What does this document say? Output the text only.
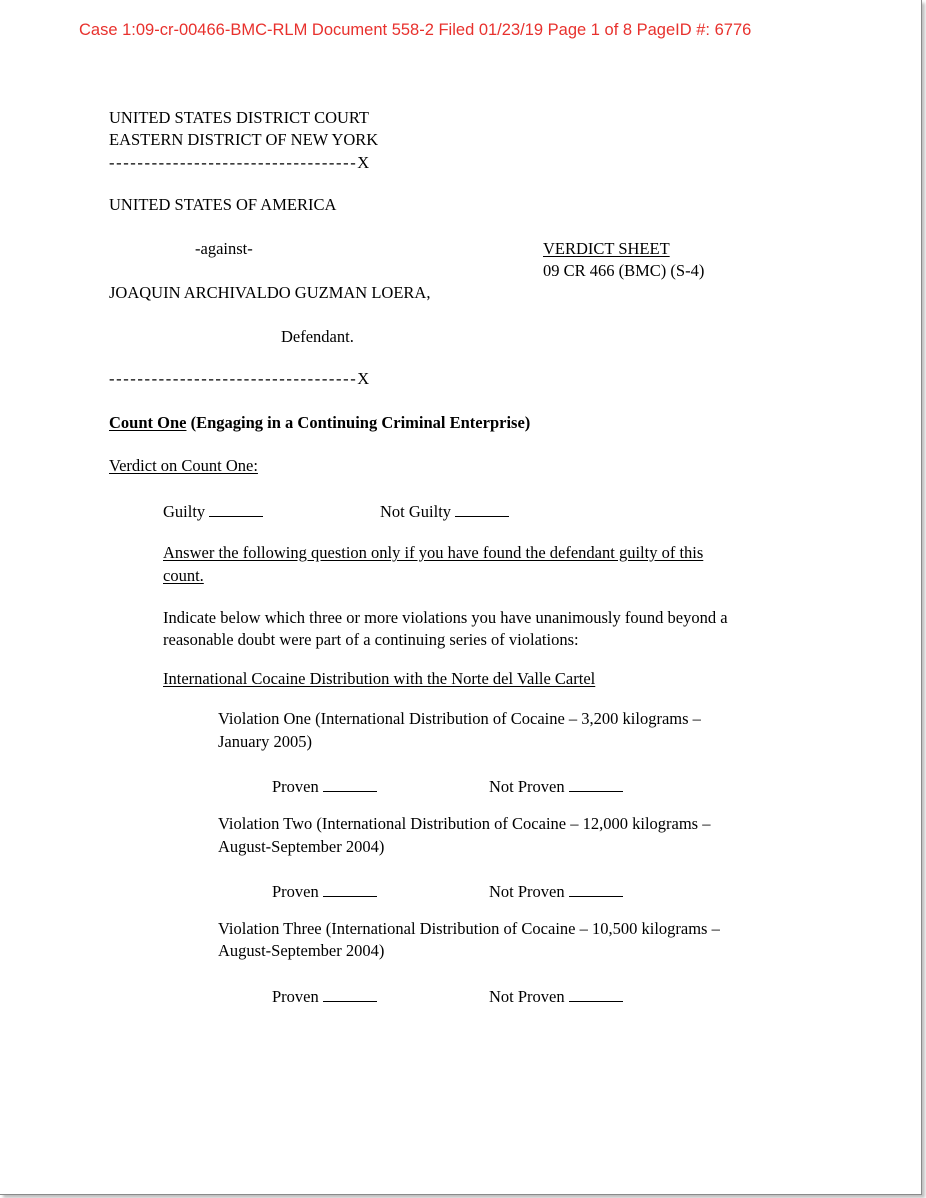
Case 1:09-cr-00466-BMC-RLM Document 558-2 Filed 01/23/19 Page 1 of 8 PageID #: 6776
UNITED STATES DISTRICT COURT
EASTERN DISTRICT OF NEW YORK
-----------------------------------X
UNITED STATES OF AMERICA
-against-	VERDICT SHEET
09 CR 466 (BMC) (S-4)
JOAQUIN ARCHIVALDO GUZMAN LOERA,
Defendant.
-----------------------------------X
Count One (Engaging in a Continuing Criminal Enterprise)
Verdict on Count One:
Guilty	Not Guilty
Answer the following question only if you have found the defendant guilty of this
count.
Indicate below which three or more violations you have unanimously found beyond a
reasonable doubt were part of a continuing series of violations:
International Cocaine Distribution with the Norte del Valle Cartel
Violation One (International Distribution of Cocaine – 3,200 kilograms –
January 2005)
Proven	Not Proven
Violation Two (International Distribution of Cocaine – 12,000 kilograms –
August-September 2004)
Proven	Not Proven
Violation Three (International Distribution of Cocaine – 10,500 kilograms –
August-September 2004)
Proven	Not Proven
